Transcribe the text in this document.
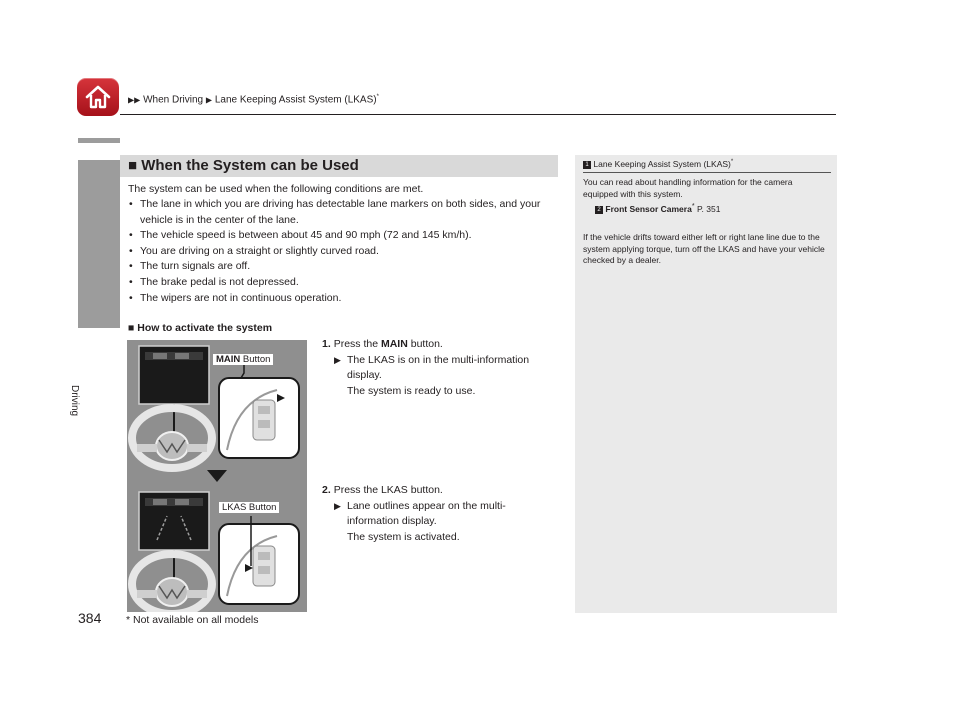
▶▶ When Driving ▶ Lane Keeping Assist System (LKAS)*
Driving
384
■ When the System can be Used
The system can be used when the following conditions are met.
• The lane in which you are driving has detectable lane markers on both sides, and your vehicle is in the center of the lane.
• The vehicle speed is between about 45 and 90 mph (72 and 145 km/h).
• You are driving on a straight or slightly curved road.
• The turn signals are off.
• The brake pedal is not depressed.
• The wipers are not in continuous operation.
■ How to activate the system
1. Press the MAIN button.
▶ The LKAS is on in the multi-information display.
The system is ready to use.
2. Press the LKAS button.
▶ Lane outlines appear on the multi-information display.
The system is activated.
MAIN Button
LKAS Button
* Not available on all models
1 Lane Keeping Assist System (LKAS)*
You can read about handling information for the camera equipped with this system.
2 Front Sensor Camera* P. 351
If the vehicle drifts toward either left or right lane line due to the system applying torque, turn off the LKAS and have your vehicle checked by a dealer.
